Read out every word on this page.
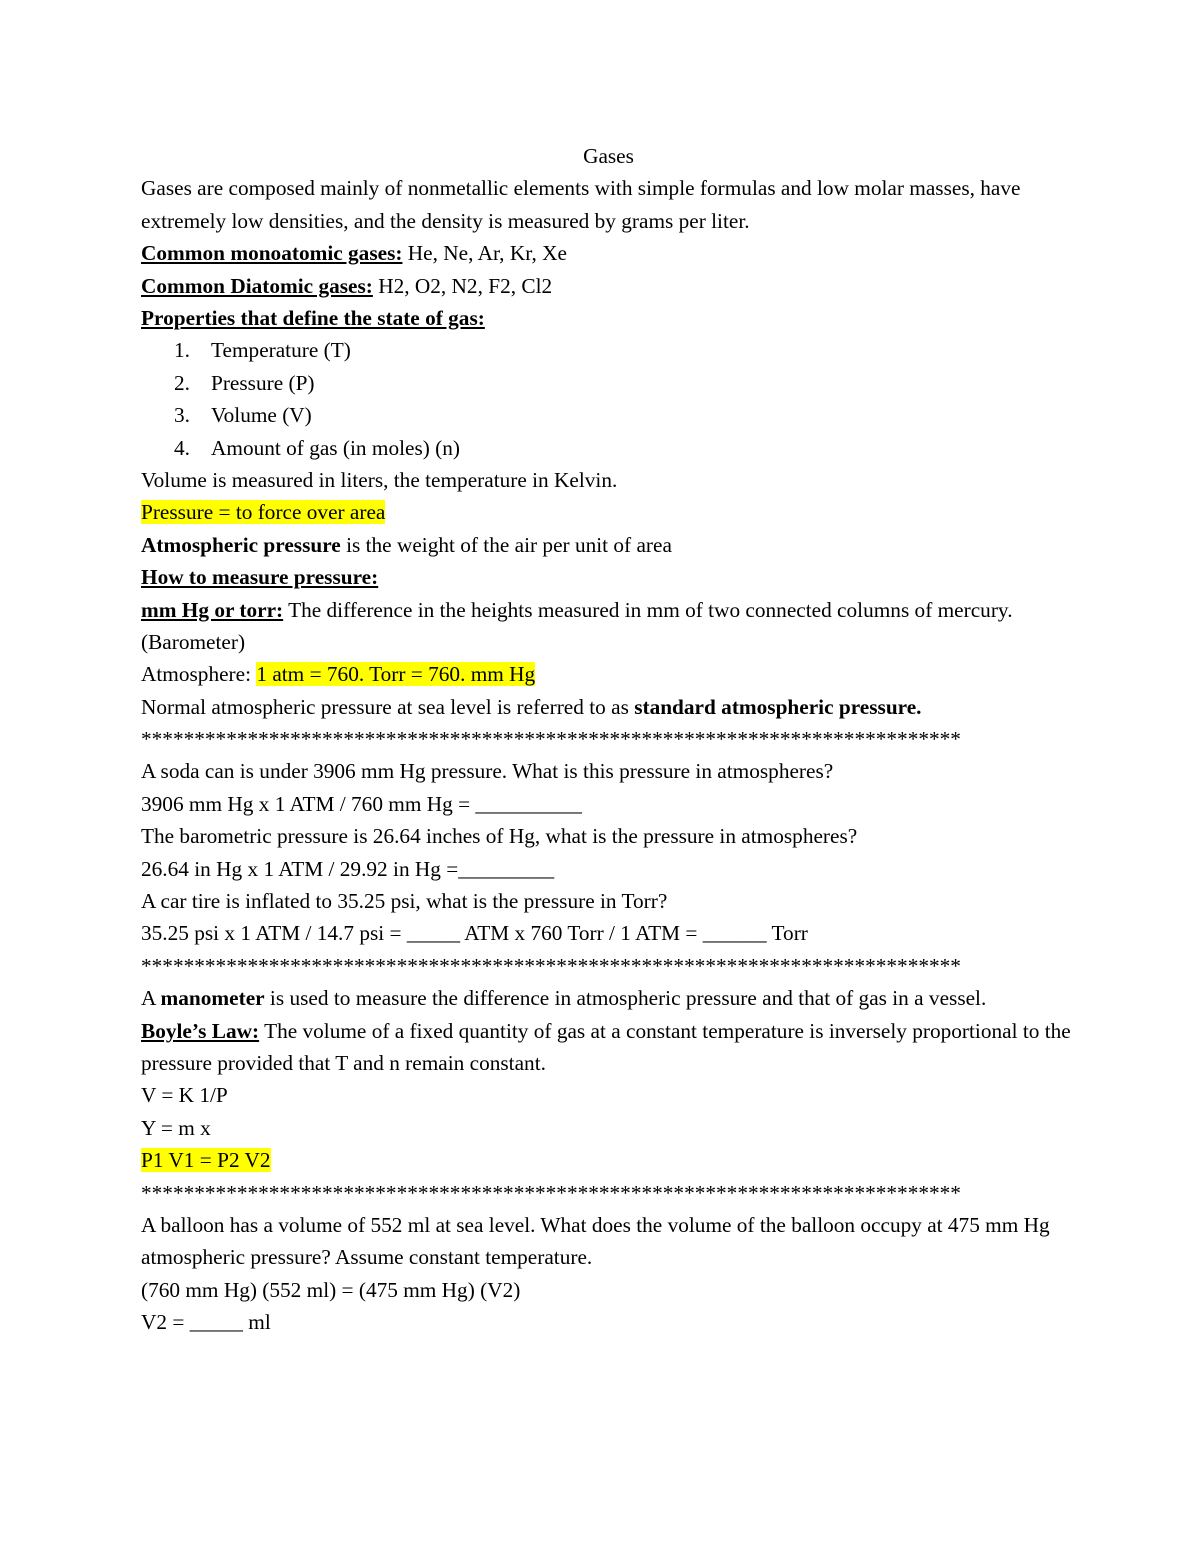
Gases
Gases are composed mainly of nonmetallic elements with simple formulas and low molar masses, have extremely low densities, and the density is measured by grams per liter.
Common monoatomic gases: He, Ne, Ar, Kr, Xe
Common Diatomic gases: H2, O2, N2, F2, Cl2
Properties that define the state of gas:
1. Temperature (T)
2. Pressure (P)
3. Volume (V)
4. Amount of gas (in moles) (n)
Volume is measured in liters, the temperature in Kelvin.
Pressure = to force over area
Atmospheric pressure is the weight of the air per unit of area
How to measure pressure:
mm Hg or torr: The difference in the heights measured in mm of two connected columns of mercury. (Barometer)
Atmosphere: 1 atm = 760. Torr = 760. mm Hg
Normal atmospheric pressure at sea level is referred to as standard atmospheric pressure.
*****************************************************************************
A soda can is under 3906 mm Hg pressure. What is this pressure in atmospheres?
3906 mm Hg x 1 ATM / 760 mm Hg = __________
The barometric pressure is 26.64 inches of Hg, what is the pressure in atmospheres?
26.64 in Hg x 1 ATM / 29.92 in Hg =_________
A car tire is inflated to 35.25 psi, what is the pressure in Torr?
35.25 psi x 1 ATM / 14.7 psi = _____ ATM x 760 Torr / 1 ATM = ______ Torr
*****************************************************************************
A manometer is used to measure the difference in atmospheric pressure and that of gas in a vessel.
Boyle’s Law: The volume of a fixed quantity of gas at a constant temperature is inversely proportional to the pressure provided that T and n remain constant.
V = K 1/P
Y = m x
P1 V1 = P2 V2
*****************************************************************************
A balloon has a volume of 552 ml at sea level. What does the volume of the balloon occupy at 475 mm Hg atmospheric pressure? Assume constant temperature.
(760 mm Hg) (552 ml) = (475 mm Hg) (V2)
V2 = _____ ml
